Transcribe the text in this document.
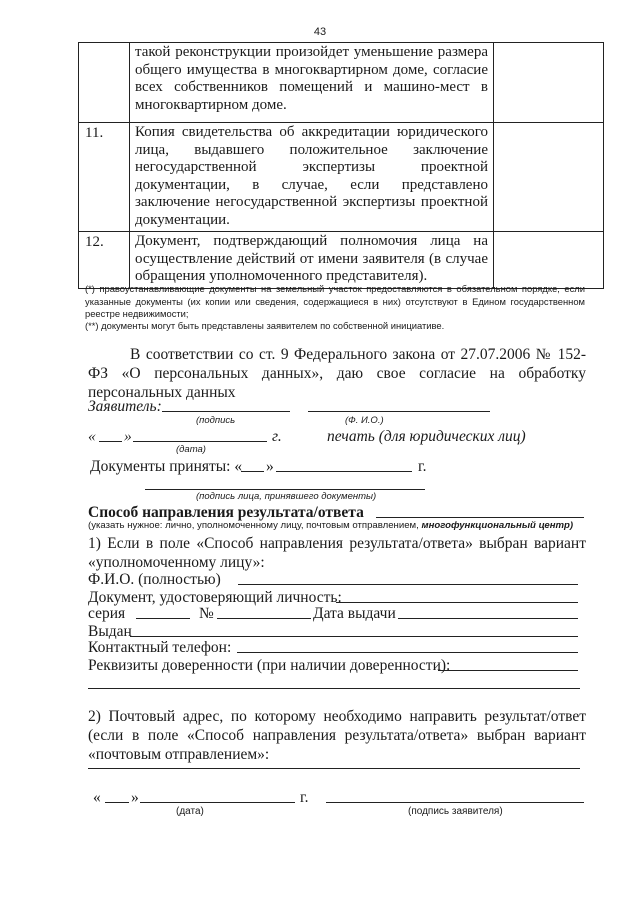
43
	такой реконструкции произойдет уменьшение размера общего имущества в многоквартирном доме, согласие всех собственников помещений и машино-мест в многоквартирном доме.	
11.	Копия свидетельства об аккредитации юридического лица, выдавшего положительное заключение негосударственной экспертизы проектной документации, в случае, если представлено заключение негосударственной экспертизы проектной документации.	
12.	Документ, подтверждающий полномочия лица на осуществление действий от имени заявителя (в случае обращения уполномоченного представителя).	
(*) правоустанавливающие документы на земельный участок предоставляются в обязательном порядке, если указанные документы (их копии или сведения, содержащиеся в них) отсутствуют в Едином государственном реестре недвижимости;
(**) документы могут быть представлены заявителем по собственной инициативе.
В соответствии со ст. 9 Федерального закона от 27.07.2006 № 152-ФЗ «О персональных данных», даю свое согласие на обработку персональных данных
Заявитель:
(подпись	(Ф. И.О.)
« »	г.	печать (для юридических лиц)
(дата)
Документы приняты: « »	г.
(подпись лица, принявшего документы)
Способ направления результата/ответа
(указать нужное: лично, уполномоченному лицу, почтовым отправлением, многофункциональный центр)
1) Если в поле «Способ направления результата/ответа» выбран вариант «уполномоченному лицу»:
Ф.И.О. (полностью)
Документ, удостоверяющий личность:
серия	№	Дата выдачи
Выдан
Контактный телефон:
Реквизиты доверенности (при наличии доверенности):
2) Почтовый адрес, по которому необходимо направить результат/ответ (если в поле «Способ направления результата/ответа» выбран вариант «почтовым отправлением»:
« »	г.
(дата)	(подпись заявителя)
